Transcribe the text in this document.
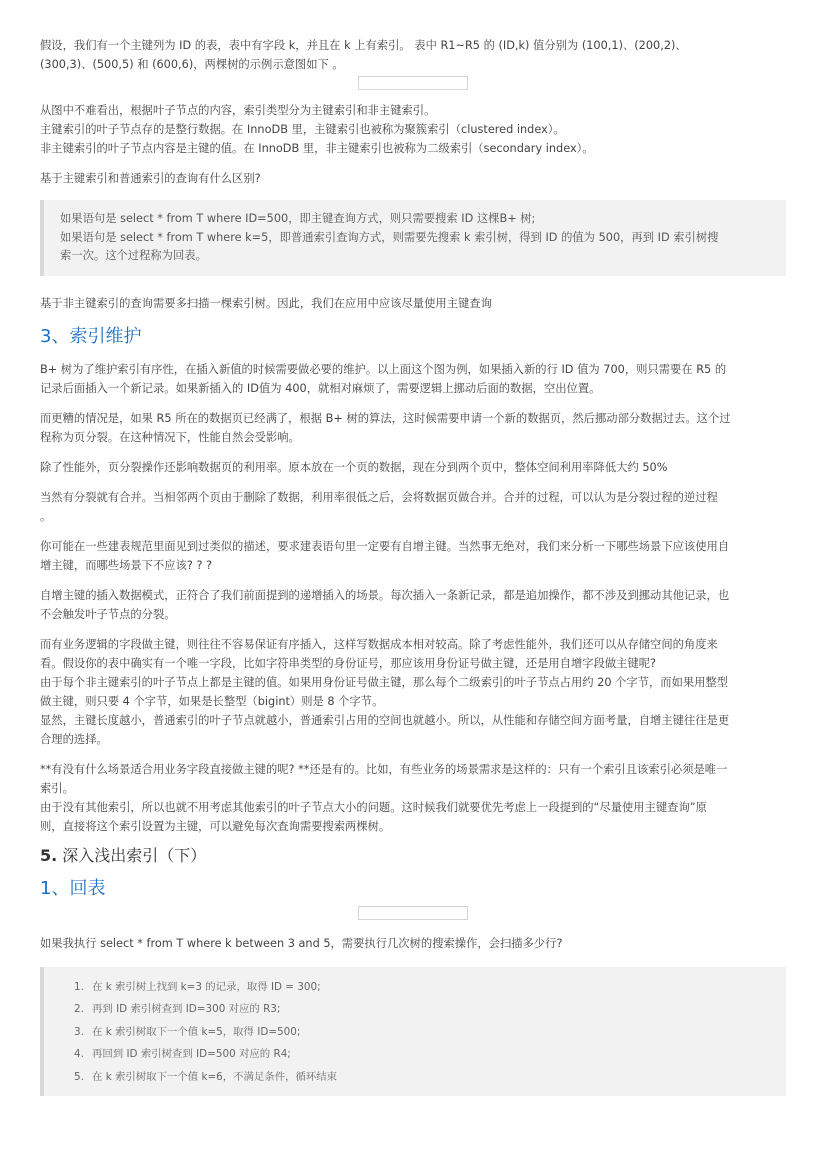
假设，我们有一个主键列为 ID 的表，表中有字段 k，并且在 k 上有索引。 表中 R1~R5 的 (ID,k) 值分别为 (100,1)、(200,2)、

(300,3)、(500,5) 和 (600,6)，两棵树的示例示意图如下 。

从图中不难看出，根据叶子节点的内容，索引类型分为主键索引和非主键索引。

主键索引的叶子节点存的是整行数据。在 InnoDB 里，主键索引也被称为聚簇索引（clustered index）。

非主键索引的叶子节点内容是主键的值。在 InnoDB 里，非主键索引也被称为二级索引（secondary index）。

基于主键索引和普通索引的查询有什么区别?

如果语句是 select * from T where ID=500，即主键查询方式，则只需要搜索 ID 这棵B+ 树;

如果语句是 select * from T where k=5，即普通索引查询方式，则需要先搜索 k 索引树，得到 ID 的值为 500，再到 ID 索引树搜

索一次。这个过程称为回表。

基于非主键索引的查询需要多扫描一棵索引树。因此，我们在应用中应该尽量使用主键查询

3、索引维护

B+ 树为了维护索引有序性，在插入新值的时候需要做必要的维护。以上面这个图为例，如果插入新的行 ID 值为 700，则只需要在 R5 的

记录后面插入一个新记录。如果新插入的 ID值为 400，就相对麻烦了，需要逻辑上挪动后面的数据，空出位置。

而更糟的情况是，如果 R5 所在的数据页已经满了，根据 B+ 树的算法，这时候需要申请一个新的数据页，然后挪动部分数据过去。这个过

程称为页分裂。在这种情况下，性能自然会受影响。

除了性能外，页分裂操作还影响数据页的利用率。原本放在一个页的数据，现在分到两个页中，整体空间利用率降低大约 50%

当然有分裂就有合并。当相邻两个页由于删除了数据，利用率很低之后，会将数据页做合并。合并的过程，可以认为是分裂过程的逆过程

。

你可能在一些建表规范里面见到过类似的描述，要求建表语句里一定要有自增主键。当然事无绝对，我们来分析一下哪些场景下应该使用自

增主键，而哪些场景下不应该? ? ?

自增主键的插入数据模式，正符合了我们前面提到的递增插入的场景。每次插入一条新记录，都是追加操作，都不涉及到挪动其他记录，也

不会触发叶子节点的分裂。

而有业务逻辑的字段做主键，则往往不容易保证有序插入，这样写数据成本相对较高。除了考虑性能外，我们还可以从存储空间的角度来

看。假设你的表中确实有一个唯一字段，比如字符串类型的身份证号，那应该用身份证号做主键，还是用自增字段做主键呢?

由于每个非主键索引的叶子节点上都是主键的值。如果用身份证号做主键，那么每个二级索引的叶子节点占用约 20 个字节，而如果用整型

做主键，则只要 4 个字节，如果是长整型（bigint）则是 8 个字节。

显然，主键长度越小，普通索引的叶子节点就越小，普通索引占用的空间也就越小。所以，从性能和存储空间方面考量，自增主键往往是更

合理的选择。

**有没有什么场景适合用业务字段直接做主键的呢? **还是有的。比如，有些业务的场景需求是这样的：只有一个索引且该索引必须是唯一

索引。

由于没有其他索引，所以也就不用考虑其他索引的叶子节点大小的问题。这时候我们就要优先考虑上一段提到的“尽量使用主键查询”原

则，直接将这个索引设置为主键，可以避免每次查询需要搜索两棵树。

5. 深入浅出索引（下）
1、回表

如果我执行 select * from T where k between 3 and 5，需要执行几次树的搜索操作，会扫描多少行?

1. 在 k 索引树上找到 k=3 的记录，取得 ID = 300;
2. 再到 ID 索引树查到 ID=300 对应的 R3;
3. 在 k 索引树取下一个值 k=5，取得 ID=500;
4. 再回到 ID 索引树查到 ID=500 对应的 R4;
5. 在 k 索引树取下一个值 k=6，不满足条件，循环结束
